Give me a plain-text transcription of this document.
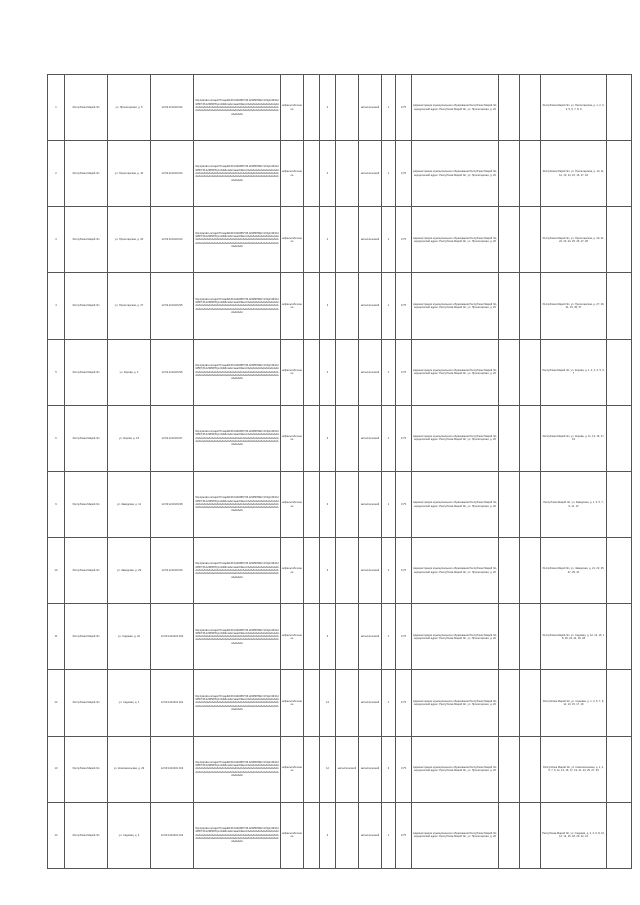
1	Республика Марий Эл	ул. Пролетарская, д. 5	12:03:1210101:92	http://yandex.ru/maps/?l=map&ll=46.01234567,56.12345678&z=17&pt=46.01234567,56.12345678,pm2rdl&mode=search&text=AAAAAAAAAAAAAAAAAAAAAAAAAAAAAAAAAAAAAAAAAAAAAAAAAAAAAAAAAAAAAAAAAAAAAAAAAAAAAAAAAAAAAAAAAAAAAAAAAAAAAAAAAAAAAAAAAAAAAAAAAAAAAAAA	асфальтобетонное		4		металлический	1	0,75	Администрация муниципального образования Республики Марий Эл, юридический адрес: Республика Марий Эл, ул. Пролетарская, д. 20			Республика Марий Эл, ул. Пролетарская, д. 1, 2, 3, 4, 5, 6, 7, 8, 9	
2	Республика Марий Эл	ул. Пролетарская, д. 10	12:03:1210101:93	http://yandex.ru/maps/?l=map&ll=46.01234567,56.12345678&z=17&pt=46.01234567,56.12345678,pm2rdl&mode=search&text=AAAAAAAAAAAAAAAAAAAAAAAAAAAAAAAAAAAAAAAAAAAAAAAAAAAAAAAAAAAAAAAAAAAAAAAAAAAAAAAAAAAAAAAAAAAAAAAAAAAAAAAAAAAAAAAAAAAAAAAAAAAAAAAA	асфальтобетонное		4		металлический	1	0,75	Администрация муниципального образования Республики Марий Эл, юридический адрес: Республика Марий Эл, ул. Пролетарская, д. 20			Республика Марий Эл, ул. Пролетарская, д. 10, 11, 12, 13, 14, 15, 16, 17, 18	
3	Республика Марий Эл	ул. Пролетарская, д. 20	12:03:1210101:94	http://yandex.ru/maps/?l=map&ll=46.01234567,56.12345678&z=17&pt=46.01234567,56.12345678,pm2rdl&mode=search&text=AAAAAAAAAAAAAAAAAAAAAAAAAAAAAAAAAAAAAAAAAAAAAAAAAAAAAAAAAAAAAAAAAAAAAAAAAAAAAAAAAAAAAAAAAAAAAAAAAAAAAAAAAAAAAAAAAAAAAAAAAAAAAAAA	асфальтобетонное		4		металлический	1	0,75	Администрация муниципального образования Республики Марий Эл, юридический адрес: Республика Марий Эл, ул. Пролетарская, д. 20			Республика Марий Эл, ул. Пролетарская, д. 20, 21, 22, 23, 24, 25, 26, 27, 28	
4	Республика Марий Эл	ул. Пролетарская, д. 27	12:03:1210101:95	http://yandex.ru/maps/?l=map&ll=46.01234567,56.12345678&z=17&pt=46.01234567,56.12345678,pm2rdl&mode=search&text=AAAAAAAAAAAAAAAAAAAAAAAAAAAAAAAAAAAAAAAAAAAAAAAAAAAAAAAAAAAAAAAAAAAAAAAAAAAAAAAAAAAAAAAAAAAAAAAAAAAAAAAAAAAAAAAAAAAAAAAAAAAAAAAA	асфальтобетонное		3		металлический	1	0,75	Администрация муниципального образования Республики Марий Эл, юридический адрес: Республика Марий Эл, ул. Пролетарская, д. 20			Республика Марий Эл, ул. Пролетарская, д. 27, 29, 31, 33, 35, 37	
5	Республика Марий Эл	ул. Кирова, д. 3	12:03:1210101:96	http://yandex.ru/maps/?l=map&ll=46.01234567,56.12345678&z=17&pt=46.01234567,56.12345678,pm2rdl&mode=search&text=AAAAAAAAAAAAAAAAAAAAAAAAAAAAAAAAAAAAAAAAAAAAAAAAAAAAAAAAAAAAAAAAAAAAAAAAAAAAAAAAAAAAAAAAAAAAAAAAAAAAAAAAAAAAAAAAAAAAAAAAAAAAAAAA	асфальтобетонное		4		металлический	1	0,75	Администрация муниципального образования Республики Марий Эл, юридический адрес: Республика Марий Эл, ул. Пролетарская, д. 20			Республика Марий Эл, ул. Кирова, д. 1, 2, 3, 4, 5, 6, 7	
6	Республика Марий Эл	ул. Кирова, д. 15	12:03:1210101:97	http://yandex.ru/maps/?l=map&ll=46.01234567,56.12345678&z=17&pt=46.01234567,56.12345678,pm2rdl&mode=search&text=AAAAAAAAAAAAAAAAAAAAAAAAAAAAAAAAAAAAAAAAAAAAAAAAAAAAAAAAAAAAAAAAAAAAAAAAAAAAAAAAAAAAAAAAAAAAAAAAAAAAAAAAAAAAAAAAAAAAAAAAAAAAAAAA	асфальтобетонное		3		металлический	1	0,75	Администрация муниципального образования Республики Марий Эл, юридический адрес: Республика Марий Эл, ул. Пролетарская, д. 20			Республика Марий Эл, ул. Кирова, д. 11, 13, 15, 17, 19	
9	Республика Марий Эл	ул. Заводская, д. 11	12:03:1210101:98	http://yandex.ru/maps/?l=map&ll=46.01234567,56.12345678&z=17&pt=46.01234567,56.12345678,pm2rdl&mode=search&text=AAAAAAAAAAAAAAAAAAAAAAAAAAAAAAAAAAAAAAAAAAAAAAAAAAAAAAAAAAAAAAAAAAAAAAAAAAAAAAAAAAAAAAAAAAAAAAAAAAAAAAAAAAAAAAAAAAAAAAAAAAAAAAAA	асфальтобетонное		3		металлический	1	0,75	Администрация муниципального образования Республики Марий Эл, юридический адрес: Республика Марий Эл, ул. Пролетарская, д. 20			Республика Марий Эл, ул. Заводская, д. 1, 3, 5, 7, 9, 11, 13	
10	Республика Марий Эл	ул. Заводская, д. 29	12:03:1210101:99	http://yandex.ru/maps/?l=map&ll=46.01234567,56.12345678&z=17&pt=46.01234567,56.12345678,pm2rdl&mode=search&text=AAAAAAAAAAAAAAAAAAAAAAAAAAAAAAAAAAAAAAAAAAAAAAAAAAAAAAAAAAAAAAAAAAAAAAAAAAAAAAAAAAAAAAAAAAAAAAAAAAAAAAAAAAAAAAAAAAAAAAAAAAAAAAAA	асфальтобетонное		3		металлический	1	0,75	Администрация муниципального образования Республики Марий Эл, юридический адрес: Республика Марий Эл, ул. Пролетарская, д. 20			Республика Марий Эл, ул. Заводская, д. 21, 23, 25, 27, 29, 31	
11	Республика Марий Эл	ул. Садовая, д. 22	12:03:1210101:100	http://yandex.ru/maps/?l=map&ll=46.01234567,56.12345678&z=17&pt=46.01234567,56.12345678,pm2rdl&mode=search&text=AAAAAAAAAAAAAAAAAAAAAAAAAAAAAAAAAAAAAAAAAAAAAAAAAAAAAAAAAAAAAAAAAAAAAAAAAAAAAAAAAAAAAAAAAAAAAAAAAAAAAAAAAAAAAAAAAAAAAAAAAAAAAAAA	асфальтобетонное		3		металлический	1	0,75	Администрация муниципального образования Республики Марий Эл, юридический адрес: Республика Марий Эл, ул. Пролетарская, д. 20			Республика Марий Эл, ул. Садовая, д. 12, 14, 16, 18, 20, 22, 24, 26, 28	
12	Республика Марий Эл	ул. Садовая, д. 1	12:03:1210101:101	http://yandex.ru/maps/?l=map&ll=46.01234567,56.12345678&z=17&pt=46.01234567,56.12345678,pm2rdl&mode=search&text=AAAAAAAAAAAAAAAAAAAAAAAAAAAAAAAAAAAAAAAAAAAAAAAAAAAAAAAAAAAAAAAAAAAAAAAAAAAAAAAAAAAAAAAAAAAAAAAAAAAAAAAAAAAAAAAAAAAAAAAAAAAAAAAA	асфальтобетонное		14		металлический	1	0,75	Администрация муниципального образования Республики Марий Эл, юридический адрес: Республика Марий Эл, ул. Пролетарская, д. 20			Республика Марий Эл, ул. Садовая, д. 1, 3, 5, 7, 9, 11, 13, 15, 17, 19	
13	Республика Марий Эл	ул. Комсомольская, д. 29	12:03:1210101:102	http://yandex.ru/maps/?l=map&ll=46.01234567,56.12345678&z=17&pt=46.01234567,56.12345678,pm2rdl&mode=search&text=AAAAAAAAAAAAAAAAAAAAAAAAAAAAAAAAAAAAAAAAAAAAAAAAAAAAAAAAAAAAAAAAAAAAAAAAAAAAAAAAAAAAAAAAAAAAAAAAAAAAAAAAAAAAAAAAAAAAAAAAAAAAAAAA	асфальтобетонное		12	металлический	металлический	3	0,75	Администрация муниципального образования Республики Марий Эл, юридический адрес: Республика Марий Эл, ул. Пролетарская, д. 20			Республика Марий Эл, ул. Комсомольская, д. 1, 3, 5, 7, 9, 11, 13, 15, 17, 19, 21, 23, 25, 27, 29	
14	Республика Марий Эл	ул. Садовая, д. 4	12:03:1210101:103	http://yandex.ru/maps/?l=map&ll=46.01234567,56.12345678&z=17&pt=46.01234567,56.12345678,pm2rdl&mode=search&text=AAAAAAAAAAAAAAAAAAAAAAAAAAAAAAAAAAAAAAAAAAAAAAAAAAAAAAAAAAAAAAAAAAAAAAAAAAAAAAAAAAAAAAAAAAAAAAAAAAAAAAAAAAAAAAAAAAAAAAAAAAAAAAAA	асфальтобетонное		3		металлический	1	0,75	Администрация муниципального образования Республики Марий Эл, юридический адрес: Республика Марий Эл, ул. Пролетарская, д. 20			Республика Марий Эл, ул. Садовая, д. 2, 4, 6, 8, 10, 12, 14, 16, 18, 20, 22, 24	
